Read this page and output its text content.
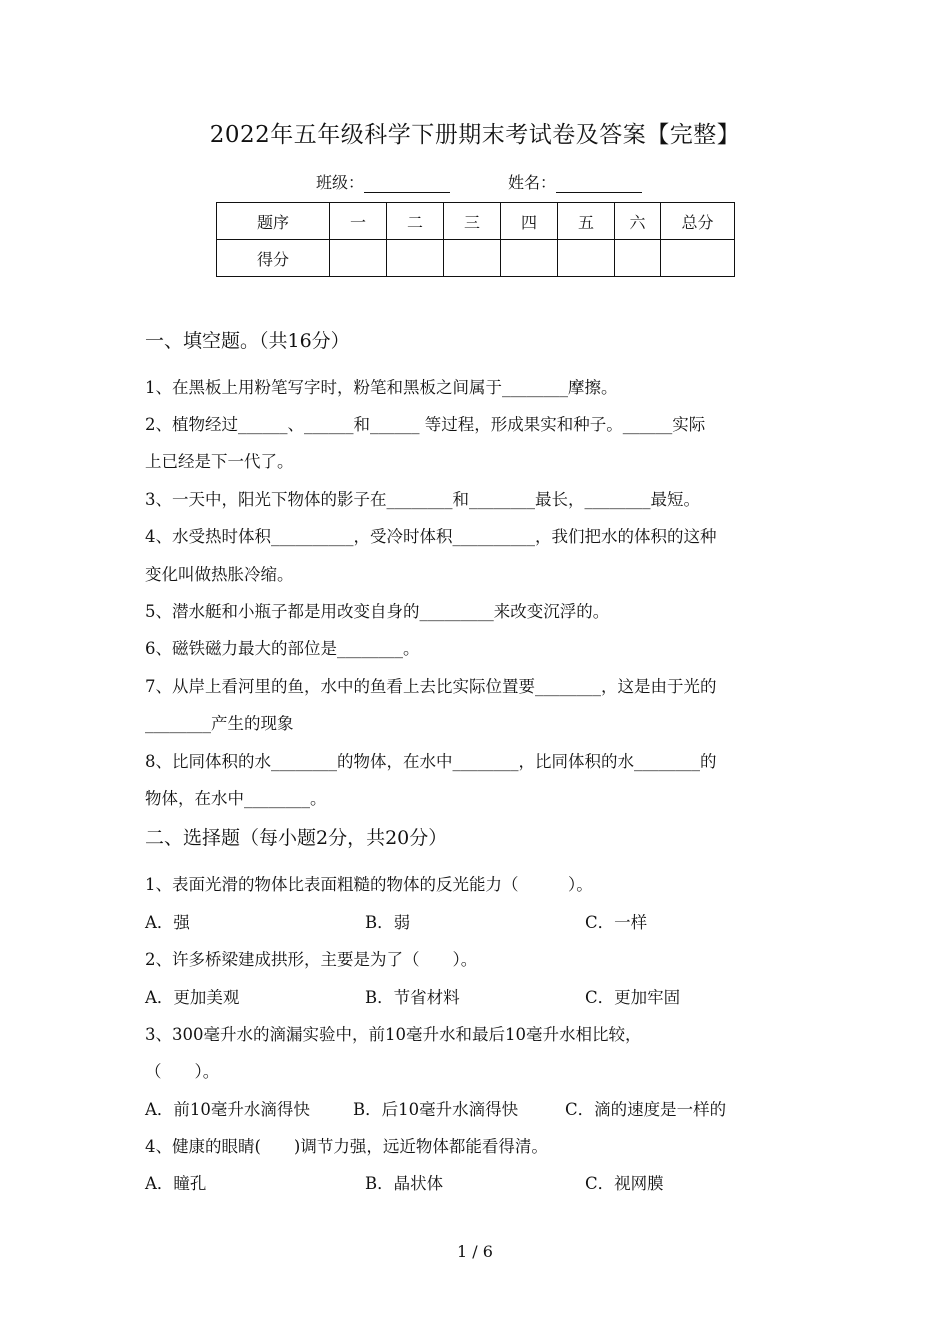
2022年五年级科学下册期末考试卷及答案【完整】
班级：	姓名：
题序	一	二	三	四	五	六	总分
得分							
一、填空题。（共16分）
1、在黑板上用粉笔写字时，粉笔和黑板之间属于________摩擦。
2、植物经过______、______和______ 等过程，形成果实和种子。______实际
上已经是下一代了。
3、一天中，阳光下物体的影子在________和________最长，________最短。
4、水受热时体积__________，受冷时体积__________，我们把水的体积的这种
变化叫做热胀冷缩。
5、潜水艇和小瓶子都是用改变自身的_________来改变沉浮的。
6、磁铁磁力最大的部位是________。
7、从岸上看河里的鱼，水中的鱼看上去比实际位置要________，这是由于光的
________产生的现象
8、比同体积的水________的物体，在水中________，比同体积的水________的
物体，在水中________。
二、选择题（每小题2分，共20分）
1、表面光滑的物体比表面粗糙的物体的反光能力（　　　）。
A．强	B．弱	C．一样
2、许多桥梁建成拱形，主要是为了（　　）。
A．更加美观	B．节省材料	C．更加牢固
3、300毫升水的滴漏实验中，前10毫升水和最后10毫升水相比较，
（　　）。
A．前10毫升水滴得快	B．后10毫升水滴得快	C．滴的速度是一样的
4、健康的眼睛(　　)调节力强，远近物体都能看得清。
A．瞳孔	B．晶状体	C．视网膜
1 / 6
